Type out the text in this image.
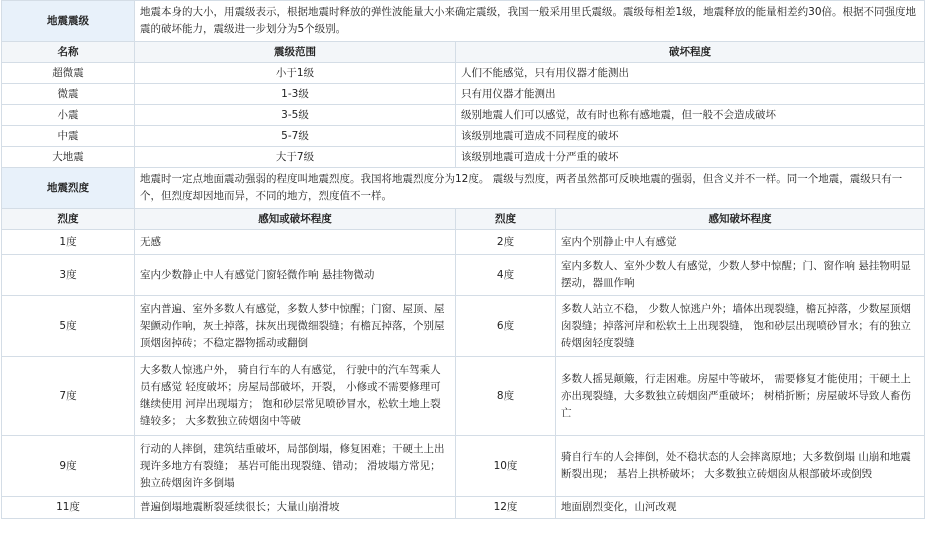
地震震级	地震本身的大小，用震级表示，根据地震时释放的弹性波能量大小来确定震级，我国一般采用里氏震级。震级每相差1级，地震释放的能量相差约30倍。根据不同强度地震的破坏能力，震级进一步划分为5个级别。		
名称	震级范围	破坏程度	
超微震	小于1级	人们不能感觉，只有用仪器才能测出	
微震	1-3级	只有用仪器才能测出	
小震	3-5级	级别地震人们可以感觉，故有时也称有感地震，但一般不会造成破坏	
中震	5-7级	该级别地震可造成不同程度的破坏	
大地震	大于7级	该级别地震可造成十分严重的破坏	
地震烈度	地震时一定点地面震动强弱的程度叫地震烈度。我国将地震烈度分为12度。 震级与烈度，两者虽然都可反映地震的强弱，但含义并不一样。同一个地震，震级只有一个，但烈度却因地而异，不同的地方，烈度值不一样。		
烈度	感知或破坏程度	烈度	感知破坏程度
1度	无感	2度	室内个别静止中人有感觉
3度	室内少数静止中人有感觉门窗轻微作响 悬挂物微动	4度	室内多数人、室外少数人有感觉，少数人梦中惊醒；门、窗作响 悬挂物明显摆动，器皿作响
5度	室内普遍、室外多数人有感觉，多数人梦中惊醒；门窗、屋顶、屋架颤动作响，灰土掉落，抹灰出现微细裂缝；有檐瓦掉落，个别屋顶烟囱掉砖；不稳定器物摇动或翻倒	6度	多数人站立不稳， 少数人惊逃户外；墙体出现裂缝，檐瓦掉落，少数屋顶烟囱裂缝；掉落河岸和松软土上出现裂缝， 饱和砂层出现喷砂冒水；有的独立砖烟囱轻度裂缝
7度	大多数人惊逃户外， 骑自行车的人有感觉， 行驶中的汽车驾乘人员有感觉 轻度破坏；房屋局部破坏，开裂， 小修或不需要修理可继续使用 河岸出现塌方； 饱和砂层常见喷砂冒水，松软土地上裂缝较多； 大多数独立砖烟囱中等破	8度	多数人摇晃颠簸，行走困难。房屋中等破坏， 需要修复才能使用；干硬土上亦出现裂缝，大多数独立砖烟囱严重破坏； 树梢折断；房屋破坏导致人畜伤亡
9度	行动的人摔倒，建筑结重破坏，局部倒塌，修复困难；干硬土上出现许多地方有裂缝； 基岩可能出现裂缝、错动； 滑坡塌方常见； 独立砖烟囱许多倒塌	10度	骑自行车的人会摔倒，处不稳状态的人会摔离原地；大多数倒塌 山崩和地震断裂出现； 基岩上拱桥破坏； 大多数独立砖烟囱从根部破坏或倒毁
11度	普遍倒塌地震断裂延续很长；大量山崩滑坡	12度	地面剧烈变化，山河改观
